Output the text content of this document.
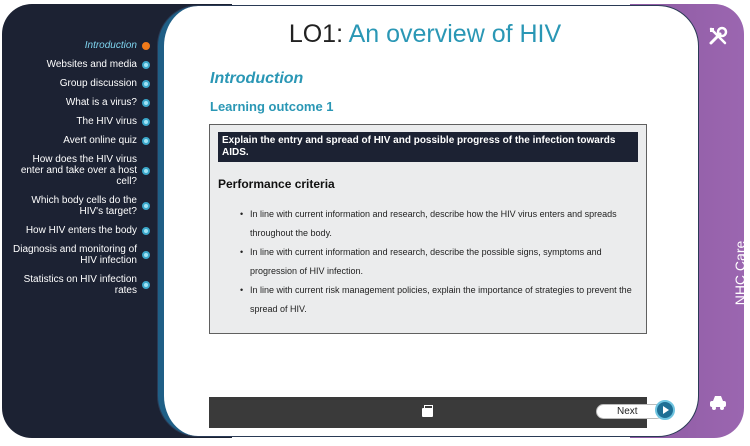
Introduction
Websites and media
Group discussion
What is a virus?
The HIV virus
Avert online quiz
How does the HIV virus enter and take over a host cell?
Which body cells do the HIV's target?
How HIV enters the body
Diagnosis and monitoring of HIV infection
Statistics on HIV infection rates
LO1: An overview of HIV
Introduction
Learning outcome 1
Explain the entry and spread of HIV and possible progress of the infection towards AIDS.
Performance criteria
• In line with current information and research, describe how the HIV virus enters and spreads throughout the body.
• In line with current information and research, describe the possible signs, symptoms and progression of HIV infection.
• In line with current risk management policies, explain the importance of strategies to prevent the spread of HIV.
Next
NHC Care
